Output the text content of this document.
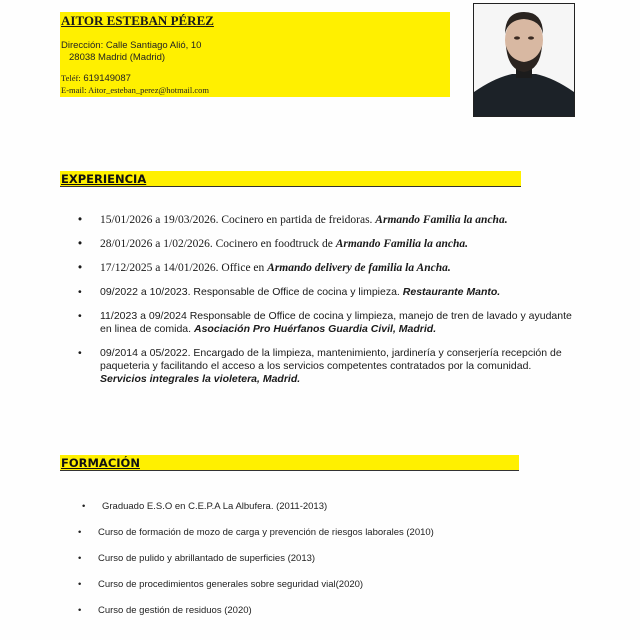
AITOR ESTEBAN PÉREZ
Dirección: Calle Santiago Alió, 10
28038 Madrid (Madrid)
Teléf: 619149087
E-mail: Aitor_esteban_perez@hotmail.com
EXPERIENCIA
• 15/01/2026 a 19/03/2026. Cocinero en partida de freidoras. Armando Familia la ancha.
• 28/01/2026 a 1/02/2026. Cocinero en foodtruck de Armando Familia la ancha.
• 17/12/2025 a 14/01/2026. Office en Armando delivery de familia la Ancha.
• 09/2022 a 10/2023. Responsable de Office de cocina y limpieza. Restaurante Manto.
• 11/2023 a 09/2024 Responsable de Office de cocina y limpieza, manejo de tren de lavado y ayudante en linea de comida. Asociación Pro Huérfanos Guardia Civil, Madrid.
• 09/2014 a 05/2022. Encargado de la limpieza, mantenimiento, jardinería y conserjería recepción de paqueteria y facilitando el acceso a los servicios competentes contratados por la comunidad. Servicios integrales la violetera, Madrid.
FORMACIÓN
• Graduado E.S.O en C.E.P.A La Albufera. (2011-2013)
• Curso de formación de mozo de carga y prevención de riesgos laborales (2010)
• Curso de pulido y abrillantado de superficies (2013)
• Curso de procedimientos generales sobre seguridad vial(2020)
• Curso de gestión de residuos (2020)
